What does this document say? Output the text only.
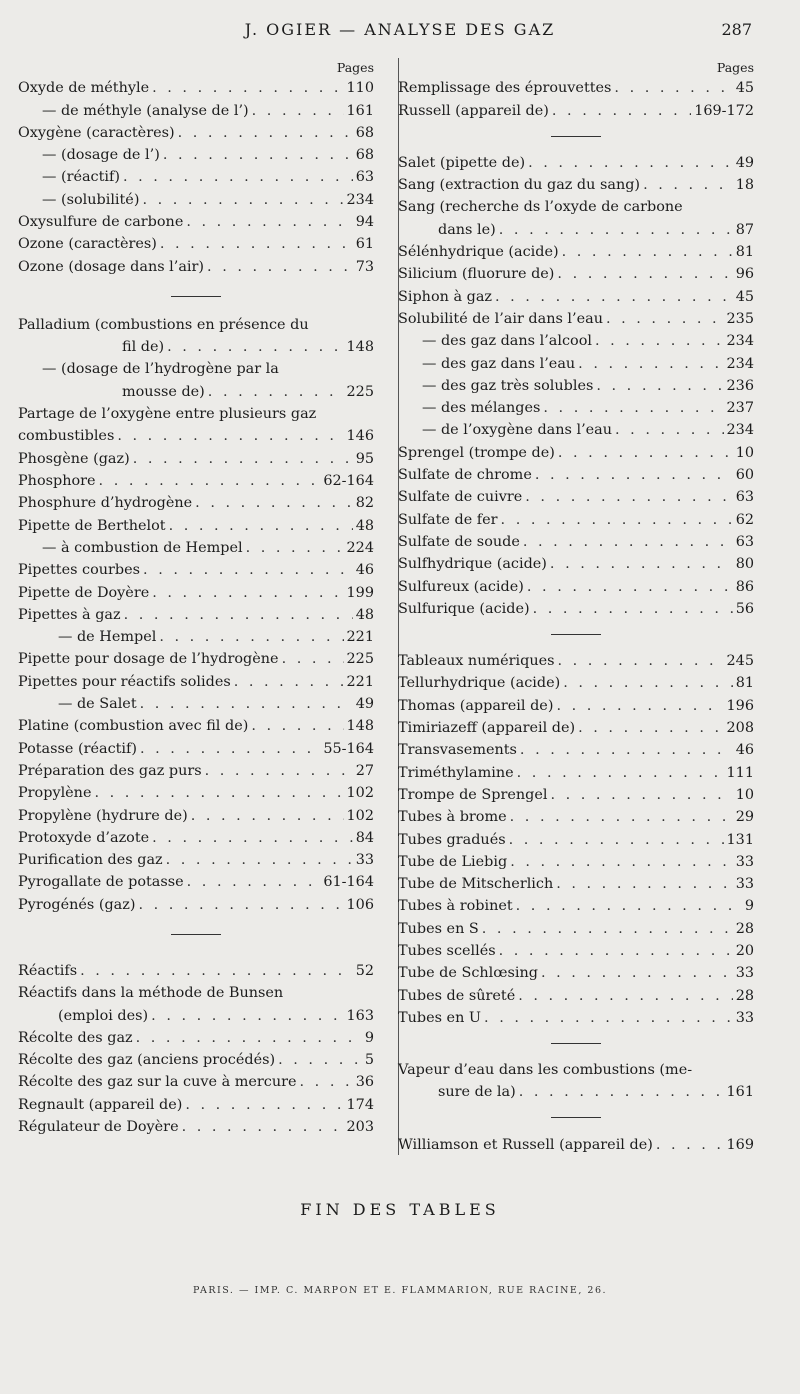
J. OGIER — ANALYSE DES GAZ	287
Pages
Oxyde de méthyle . . .	110
— de méthyle (analyse de l’) . . .	161
Oxygène (caractères) . . .	68
— (dosage de l’) . . .	68
— (réactif) . . .	63
— (solubilité) . . .	234
Oxysulfure de carbone . . .	94
Ozone (caractères) . . .	61
Ozone (dosage dans l’air) . . .	73
Palladium (combustions en présence du
fil de) . . .	148
— (dosage de l’hydrogène par la
mousse de) . . .	225
Partage de l’oxygène entre plusieurs gaz
combustibles . . .	146
Phosgène (gaz) . . .	95
Phosphore . . .	62-164
Phosphure d’hydrogène . . .	82
Pipette de Berthelot . . .	48
— à combustion de Hempel . . .	224
Pipettes courbes . . .	46
Pipette de Doyère . . .	199
Pipettes à gaz . . .	48
— de Hempel . . .	221
Pipette pour dosage de l’hydrogène . . .	225
Pipettes pour réactifs solides . . .	221
— de Salet . . .	49
Platine (combustion avec fil de) . . .	148
Potasse (réactif) . . .	55-164
Préparation des gaz purs . . .	27
Propylène . . .	102
Propylène (hydrure de) . . .	102
Protoxyde d’azote . . .	84
Purification des gaz . . .	33
Pyrogallate de potasse . . .	61-164
Pyrogénés (gaz) . . .	106
Réactifs . . .	52
Réactifs dans la méthode de Bunsen
(emploi des) . . .	163
Récolte des gaz . . .	9
Récolte des gaz (anciens procédés) . . .	5
Récolte des gaz sur la cuve à mercure . . .	36
Regnault (appareil de) . . .	174
Régulateur de Doyère . . .	203
Pages
Remplissage des éprouvettes . . .	45
Russell (appareil de) . . .	169-172
Salet (pipette de) . . .	49
Sang (extraction du gaz du sang) . . .	18
Sang (recherche ds l’oxyde de carbone
dans le) . . .	87
Sélénhydrique (acide) . . .	81
Silicium (fluorure de) . . .	96
Siphon à gaz . . .	45
Solubilité de l’air dans l’eau . . .	235
— des gaz dans l’alcool . . .	234
— des gaz dans l’eau . . .	234
— des gaz très solubles . . .	236
— des mélanges . . .	237
— de l’oxygène dans l’eau . . .	234
Sprengel (trompe de) . . .	10
Sulfate de chrome . . .	60
Sulfate de cuivre . . .	63
Sulfate de fer . . .	62
Sulfate de soude . . .	63
Sulfhydrique (acide) . . .	80
Sulfureux (acide) . . .	86
Sulfurique (acide) . . .	56
Tableaux numériques . . .	245
Tellurhydrique (acide) . . .	81
Thomas (appareil de) . . .	196
Timiriazeff (appareil de) . . .	208
Transvasements . . .	46
Triméthylamine . . .	111
Trompe de Sprengel . . .	10
Tubes à brome . . .	29
Tubes gradués . . .	131
Tube de Liebig . . .	33
Tube de Mitscherlich . . .	33
Tubes à robinet . . .	9
Tubes en S . . .	28
Tubes scellés . . .	20
Tube de Schlœsing . . .	33
Tubes de sûreté . . .	28
Tubes en U . . .	33
Vapeur d’eau dans les combustions (me-
sure de la) . . .	161
Williamson et Russell (appareil de) . . .	169
FIN DES TABLES
PARIS. — IMP. C. MARPON ET E. FLAMMARION, RUE RACINE, 26.
